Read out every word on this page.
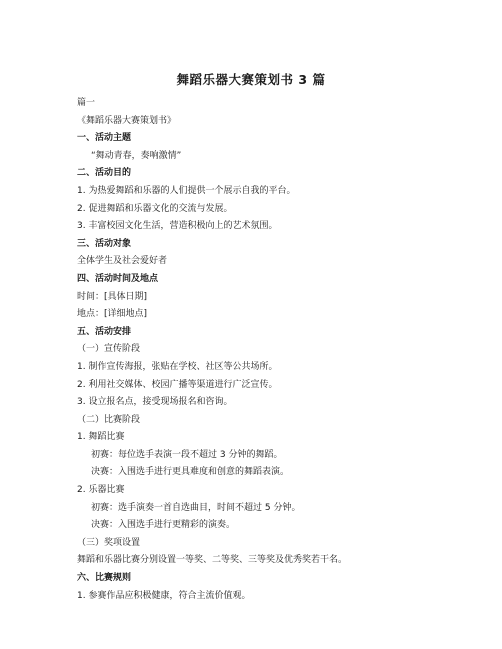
舞蹈乐器大赛策划书 3 篇
篇一
《舞蹈乐器大赛策划书》
一、活动主题
“舞动青春，奏响激情”
二、活动目的
1. 为热爱舞蹈和乐器的人们提供一个展示自我的平台。
2. 促进舞蹈和乐器文化的交流与发展。
3. 丰富校园文化生活，营造积极向上的艺术氛围。
三、活动对象
全体学生及社会爱好者
四、活动时间及地点
时间：[具体日期]
地点：[详细地点]
五、活动安排
（一）宣传阶段
1. 制作宣传海报，张贴在学校、社区等公共场所。
2. 利用社交媒体、校园广播等渠道进行广泛宣传。
3. 设立报名点，接受现场报名和咨询。
（二）比赛阶段
1. 舞蹈比赛
初赛：每位选手表演一段不超过 3 分钟的舞蹈。
决赛：入围选手进行更具难度和创意的舞蹈表演。
2. 乐器比赛
初赛：选手演奏一首自选曲目，时间不超过 5 分钟。
决赛：入围选手进行更精彩的演奏。
（三）奖项设置
舞蹈和乐器比赛分别设置一等奖、二等奖、三等奖及优秀奖若干名。
六、比赛规则
1. 参赛作品应积极健康，符合主流价值观。
